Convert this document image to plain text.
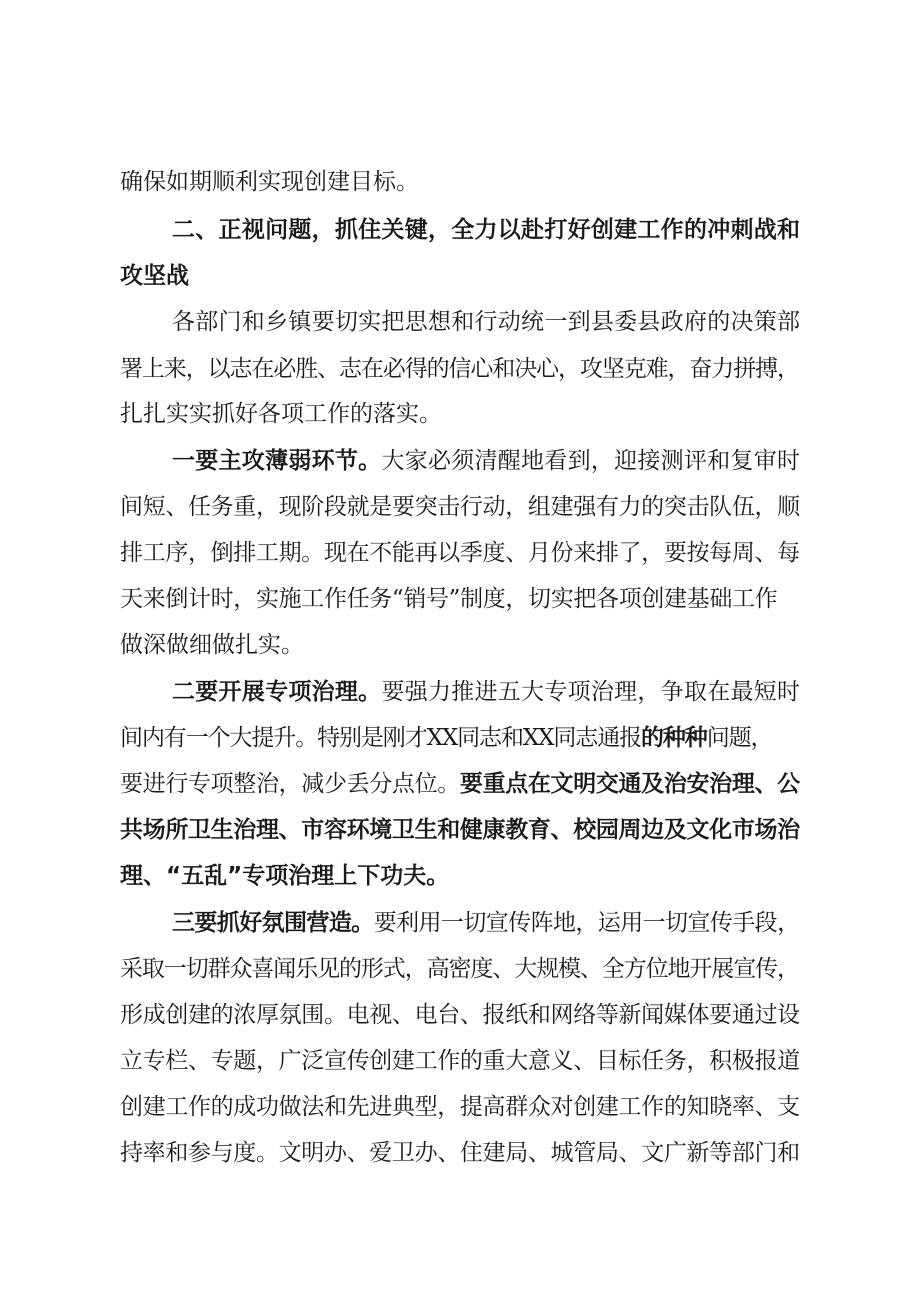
确保如期顺利实现创建目标。
二、正视问题，抓住关键，全力以赴打好创建工作的冲刺战和
攻坚战
各部门和乡镇要切实把思想和行动统一到县委县政府的决策部
署上来，以志在必胜、志在必得的信心和决心，攻坚克难，奋力拼搏，
扎扎实实抓好各项工作的落实。
一要主攻薄弱环节。大家必须清醒地看到，迎接测评和复审时
间短、任务重，现阶段就是要突击行动，组建强有力的突击队伍，顺
排工序，倒排工期。现在不能再以季度、月份来排了，要按每周、每
天来倒计时，实施工作任务“销号”制度，切实把各项创建基础工作
做深做细做扎实。
二要开展专项治理。要强力推进五大专项治理，争取在最短时
间内有一个大提升。特别是刚才XX同志和XX同志通报的种种问题，
要进行专项整治，减少丢分点位。要重点在文明交通及治安治理、公
共场所卫生治理、市容环境卫生和健康教育、校园周边及文化市场治
理、“五乱”专项治理上下功夫。
三要抓好氛围营造。要利用一切宣传阵地，运用一切宣传手段，
采取一切群众喜闻乐见的形式，高密度、大规模、全方位地开展宣传，
形成创建的浓厚氛围。电视、电台、报纸和网络等新闻媒体要通过设
立专栏、专题，广泛宣传创建工作的重大意义、目标任务，积极报道
创建工作的成功做法和先进典型，提高群众对创建工作的知晓率、支
持率和参与度。文明办、爱卫办、住建局、城管局、文广新等部门和
